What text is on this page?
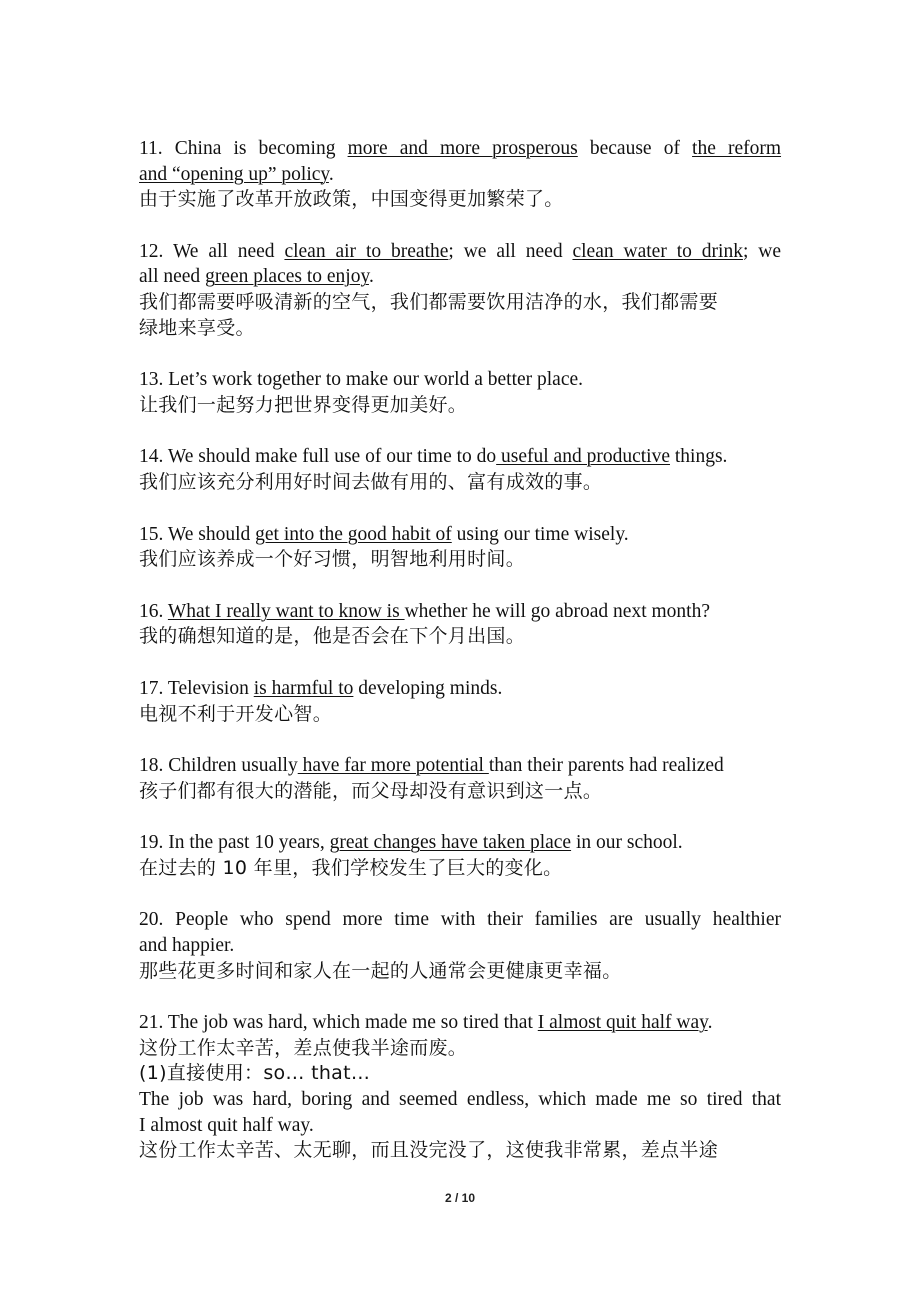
11. China is becoming more and more prosperous because of the reform
and “opening up” policy.
由于实施了改革开放政策，中国变得更加繁荣了。
12. We all need clean air to breathe; we all need clean water to drink; we
all need green places to enjoy.
我们都需要呼吸清新的空气，我们都需要饮用洁净的水，我们都需要
绿地来享受。
13. Let’s work together to make our world a better place.
让我们一起努力把世界变得更加美好。
14. We should make full use of our time to do useful and productive things.
我们应该充分利用好时间去做有用的、富有成效的事。
15. We should get into the good habit of using our time wisely.
我们应该养成一个好习惯，明智地利用时间。
16. What I really want to know is whether he will go abroad next month?
我的确想知道的是，他是否会在下个月出国。
17. Television is harmful to developing minds.
电视不利于开发心智。
18. Children usually have far more potential than their parents had realized
孩子们都有很大的潜能，而父母却没有意识到这一点。
19. In the past 10 years, great changes have taken place in our school.
在过去的 10 年里，我们学校发生了巨大的变化。
20. People who spend more time with their families are usually healthier
and happier.
那些花更多时间和家人在一起的人通常会更健康更幸福。
21. The job was hard, which made me so tired that I almost quit half way.
这份工作太辛苦，差点使我半途而废。
(1)直接使用：so… that…
The job was hard, boring and seemed endless, which made me so tired that
I almost quit half way.
这份工作太辛苦、太无聊，而且没完没了，这使我非常累，差点半途
2 / 10
